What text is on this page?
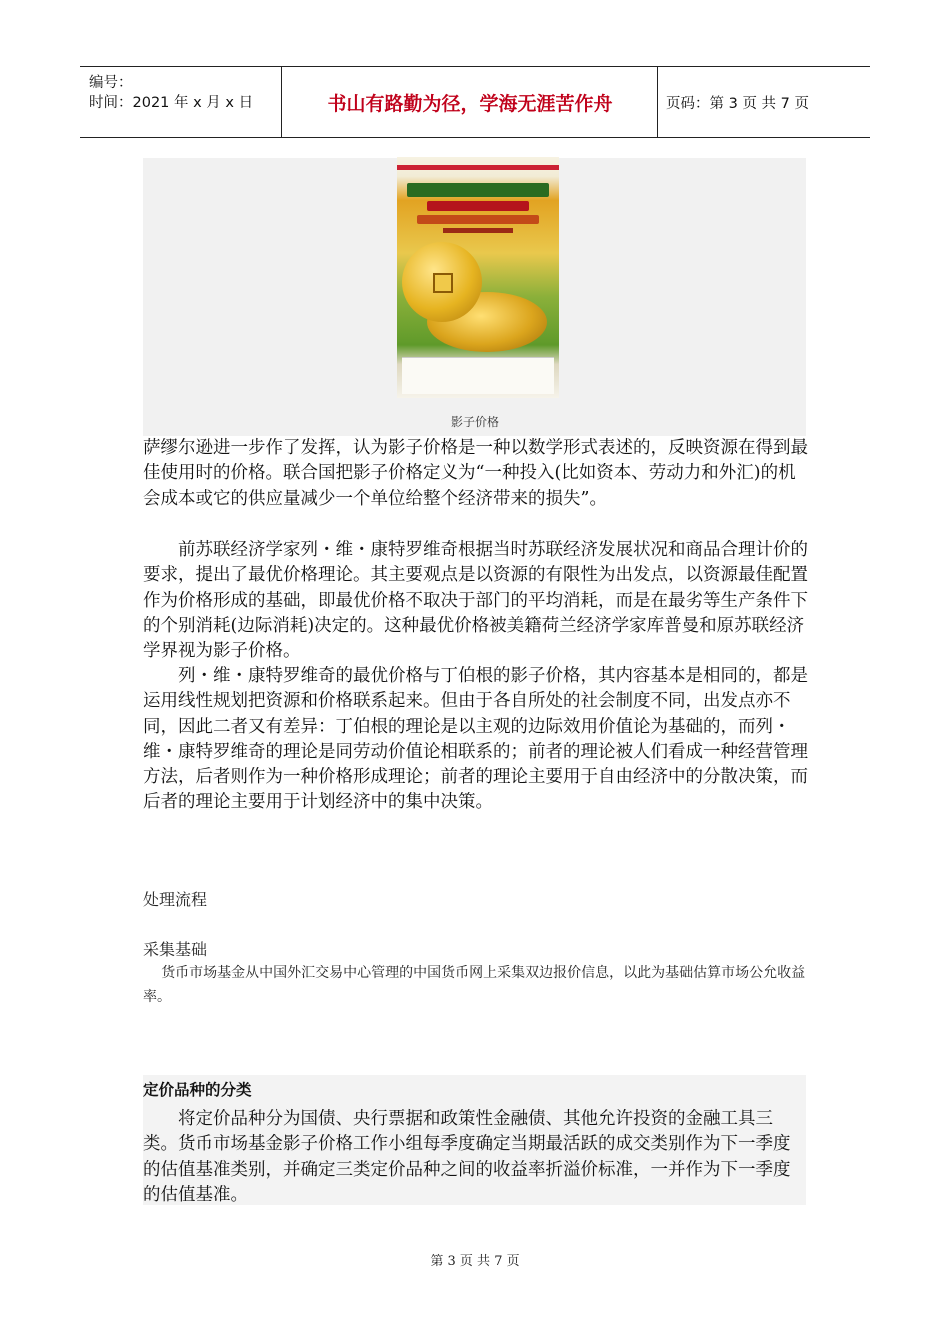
编号：
时间：2021 年 x 月 x 日	书山有路勤为径，学海无涯苦作舟	页码：第 3 页 共 7 页
影子价格

萨缪尔逊进一步作了发挥，认为影子价格是一种以数学形式表述的，反映资源在得到最佳使用时的价格。联合国把影子价格定义为“一种投入(比如资本、劳动力和外汇)的机会成本或它的供应量减少一个单位给整个经济带来的损失”。

前苏联经济学家列・维・康特罗维奇根据当时苏联经济发展状况和商品合理计价的要求，提出了最优价格理论。其主要观点是以资源的有限性为出发点，以资源最佳配置作为价格形成的基础，即最优价格不取决于部门的平均消耗，而是在最劣等生产条件下的个别消耗(边际消耗)决定的。这种最优价格被美籍荷兰经济学家库普曼和原苏联经济学界视为影子价格。

列・维・康特罗维奇的最优价格与丁伯根的影子价格，其内容基本是相同的，都是运用线性规划把资源和价格联系起来。但由于各自所处的社会制度不同，出发点亦不同，因此二者又有差异：丁伯根的理论是以主观的边际效用价值论为基础的，而列・维・康特罗维奇的理论是同劳动价值论相联系的；前者的理论被人们看成一种经营管理方法，后者则作为一种价格形成理论；前者的理论主要用于自由经济中的分散决策，而后者的理论主要用于计划经济中的集中决策。

处理流程

采集基础

货币市场基金从中国外汇交易中心管理的中国货币网上采集双边报价信息，以此为基础估算市场公允收益率。

定价品种的分类

将定价品种分为国债、央行票据和政策性金融债、其他允许投资的金融工具三类。货币市场基金影子价格工作小组每季度确定当期最活跃的成交类别作为下一季度的估值基准类别，并确定三类定价品种之间的收益率折溢价标准，一并作为下一季度的估值基准。

第 3 页 共 7 页
